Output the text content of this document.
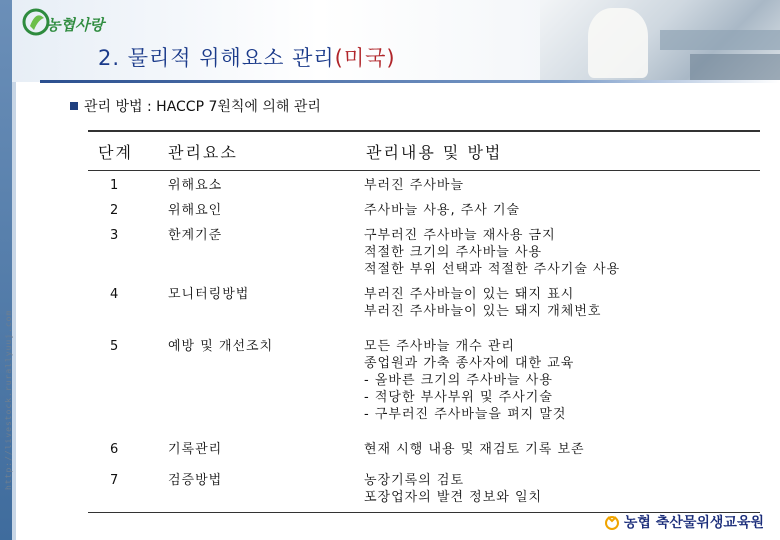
농협사랑
2. 물리적 위해요소 관리(미국)
관리 방법 : HACCP 7원칙에 의해 관리
http://livestock.rurallyuuj.com
단계	관리요소	관리내용 및 방법
1	위해요소	부러진 주사바늘
2	위해요인	주사바늘 사용, 주사 기술
3	한계기준	구부러진 주사바늘 재사용 금지
적절한 크기의 주사바늘 사용
적절한 부위 선택과 적절한 주사기술 사용
4	모니터링방법	부러진 주사바늘이 있는 돼지 표시
부러진 주사바늘이 있는 돼지 개체번호
5	예방 및 개선조치	모든 주사바늘 개수 관리
종업원과 가축 종사자에 대한 교육
- 올바른 크기의 주사바늘 사용
- 적당한 부사부위 및 주사기술
- 구부러진 주사바늘을 펴지 말것
6	기록관리	현재 시행 내용 및 재검토 기록 보존
7	검증방법	농장기록의 검토
포장업자의 발견 정보와 일치
농협 축산물위생교육원
